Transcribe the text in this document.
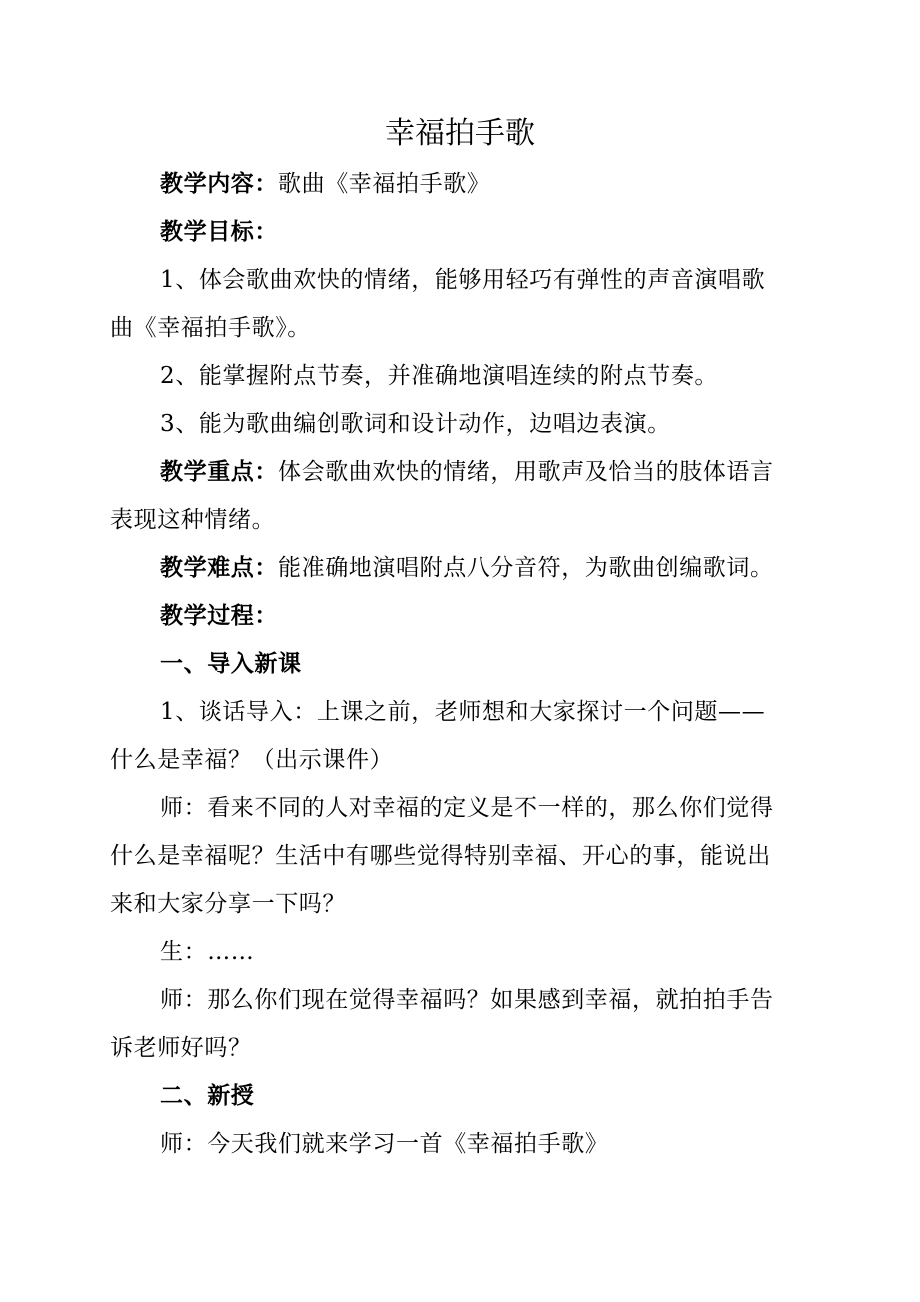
幸福拍手歌

教学内容：歌曲《幸福拍手歌》

教学目标：

1、体会歌曲欢快的情绪，能够用轻巧有弹性的声音演唱歌

曲《幸福拍手歌》。

2、能掌握附点节奏，并准确地演唱连续的附点节奏。

3、能为歌曲编创歌词和设计动作，边唱边表演。

教学重点：体会歌曲欢快的情绪，用歌声及恰当的肢体语言

表现这种情绪。

教学难点：能准确地演唱附点八分音符，为歌曲创编歌词。

教学过程：

一、导入新课

1、谈话导入：上课之前，老师想和大家探讨一个问题——

什么是幸福？（出示课件）

师：看来不同的人对幸福的定义是不一样的，那么你们觉得

什么是幸福呢？生活中有哪些觉得特别幸福、开心的事，能说出

来和大家分享一下吗？

生：……

师：那么你们现在觉得幸福吗？如果感到幸福，就拍拍手告

诉老师好吗？

二、新授

师：今天我们就来学习一首《幸福拍手歌》
